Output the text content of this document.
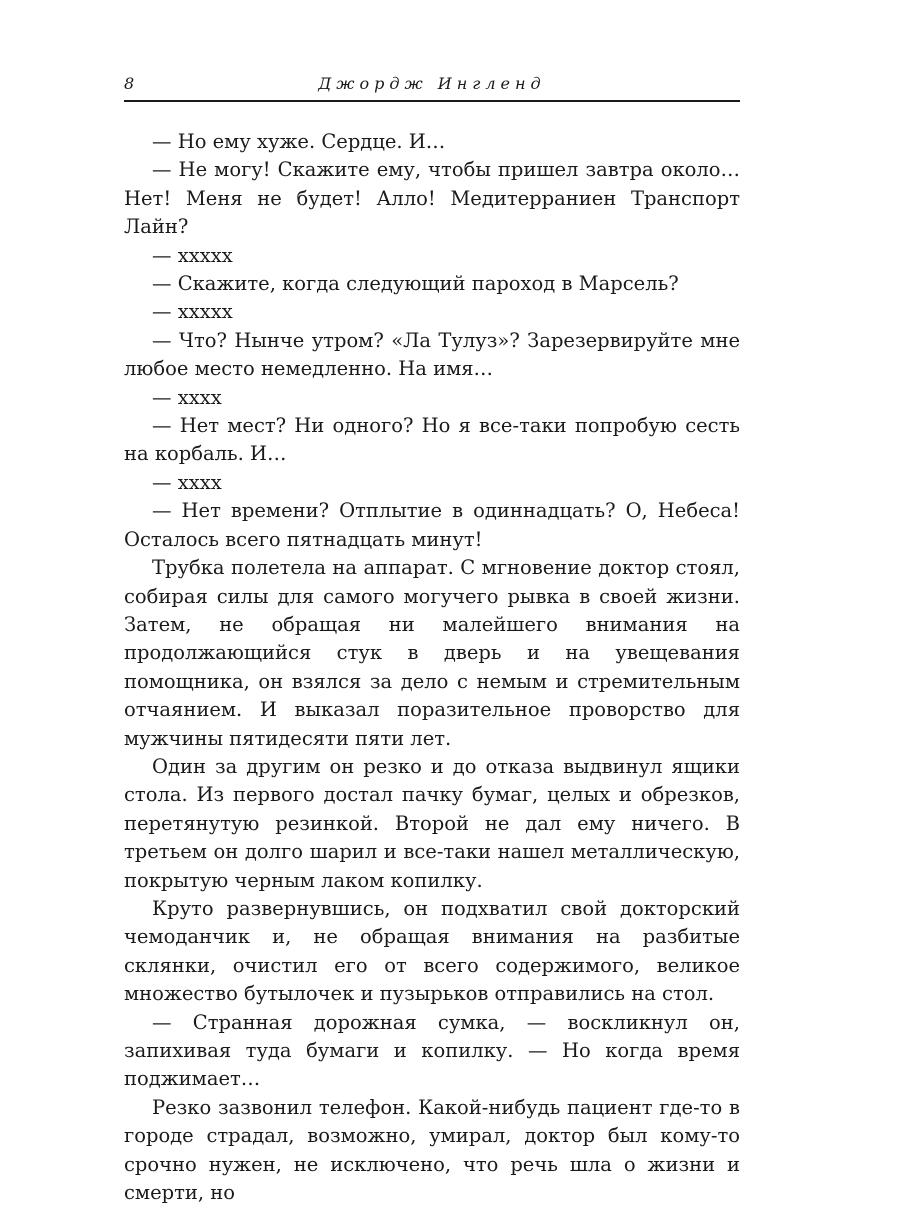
8	Джордж Ингленд

— Но ему хуже. Сердце. И…

— Не могу! Скажите ему, чтобы пришел завтра около… Нет! Меня не будет! Алло! Медитерраниен Транспорт Лайн?

— ххххх

— Скажите, когда следующий пароход в Марсель?

— ххххх

— Что? Нынче утром? «Ла Тулуз»? Зарезервируйте мне любое место немедленно. На имя…

— хххх

— Нет мест? Ни одного? Но я все-таки попробую сесть на корбаль. И…

— хххх

— Нет времени? Отплытие в одиннадцать? О, Небеса! Осталось всего пятнадцать минут!

Трубка полетела на аппарат. С мгновение доктор стоял, собирая силы для самого могучего рывка в своей жизни. Затем, не обращая ни малейшего внимания на продолжающийся стук в дверь и на увещевания помощника, он взялся за дело с немым и стремительным отчаянием. И выказал поразительное проворство для мужчины пятидесяти пяти лет.

Один за другим он резко и до отказа выдвинул ящики стола. Из первого достал пачку бумаг, целых и обрезков, перетянутую резинкой. Второй не дал ему ничего. В третьем он долго шарил и все-таки нашел металлическую, покрытую черным лаком копилку.

Круто развернувшись, он подхватил свой докторский чемоданчик и, не обращая внимания на разбитые склянки, очистил его от всего содержимого, великое множество бутылочек и пузырьков отправились на стол.

— Странная дорожная сумка, — воскликнул он, запихивая туда бумаги и копилку. — Но когда время поджимает…

Резко зазвонил телефон. Какой-нибудь пациент где-то в городе страдал, возможно, умирал, доктор был кому-то срочно нужен, не исключено, что речь шла о жизни и смерти, но
